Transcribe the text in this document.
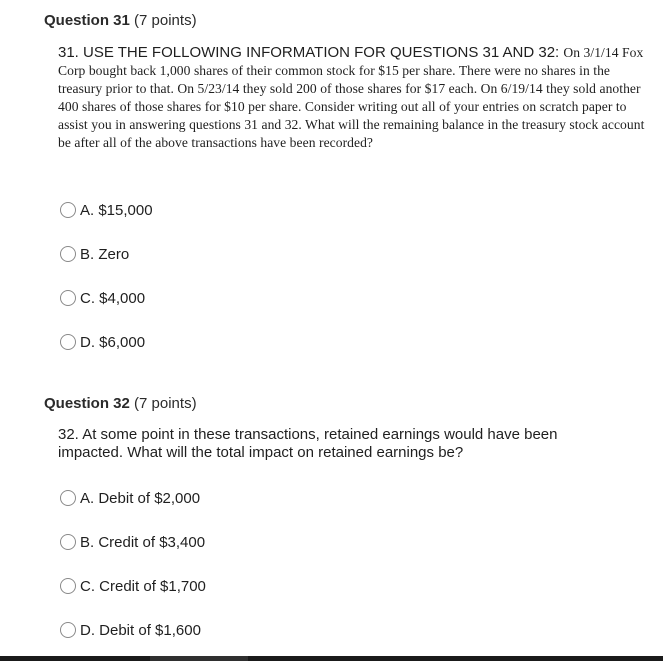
Question 31 (7 points)
31. USE THE FOLLOWING INFORMATION FOR QUESTIONS 31 AND 32: On 3/1/14 Fox Corp bought back 1,000 shares of their common stock for $15 per share. There were no shares in the treasury prior to that. On 5/23/14 they sold 200 of those shares for $17 each. On 6/19/14 they sold another 400 shares of those shares for $10 per share. Consider writing out all of your entries on scratch paper to assist you in answering questions 31 and 32. What will the remaining balance in the treasury stock account be after all of the above transactions have been recorded?
A. $15,000
B. Zero
C. $4,000
D. $6,000
Question 32 (7 points)
32. At some point in these transactions, retained earnings would have been impacted. What will the total impact on retained earnings be?
A. Debit of $2,000
B. Credit of $3,400
C. Credit of $1,700
D. Debit of $1,600
